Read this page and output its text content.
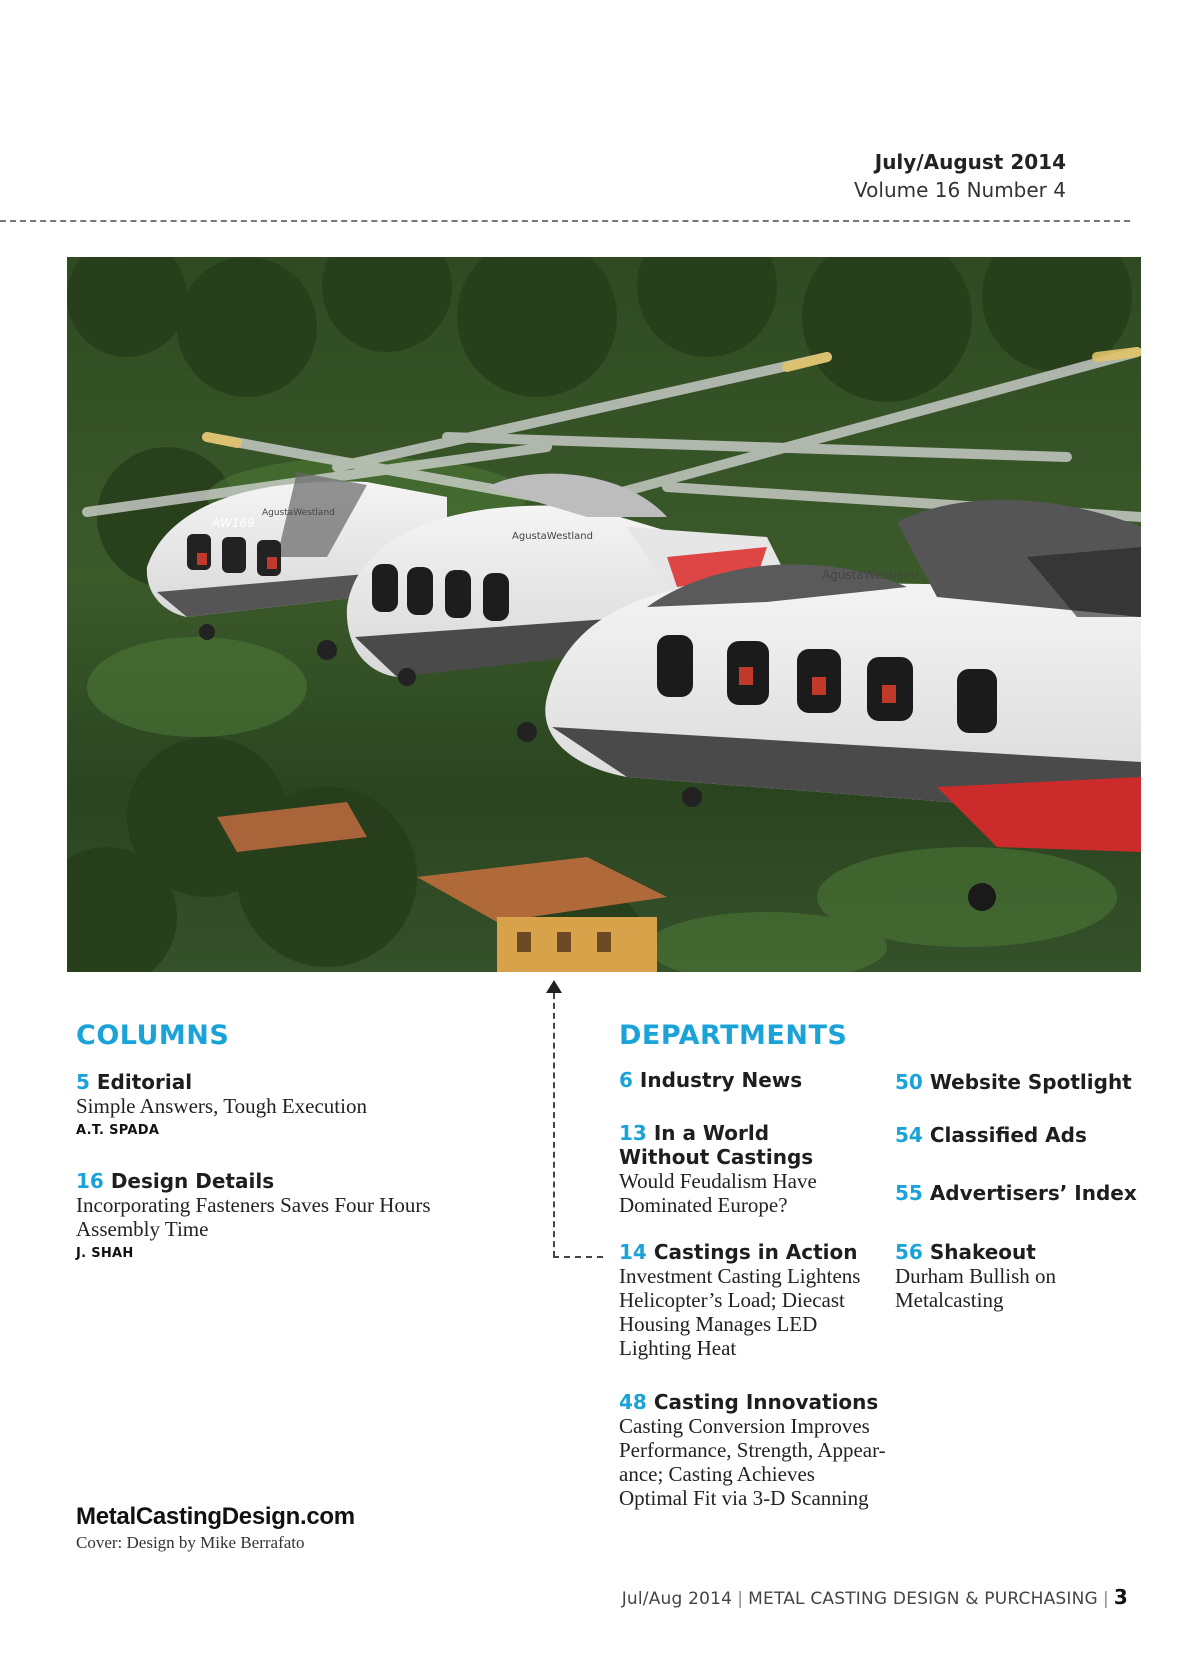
July/August 2014
Volume 16 Number 4
AW169
AgustaWestland
AgustaWestland
AgustaWestland
COLUMNS
5 Editorial
Simple Answers, Tough Execution
A.T. SPADA
16 Design Details
Incorporating Fasteners Saves Four Hours Assembly Time
J. SHAH
DEPARTMENTS
6 Industry News
13 In a World Without Castings
Would Feudalism Have Dominated Europe?
14 Castings in Action
Investment Casting Lightens Helicopter’s Load; Diecast Housing Manages LED Lighting Heat
48 Casting Innovations
Casting Conversion Improves Performance, Strength, Appear-ance; Casting Achieves Optimal Fit via 3-D Scanning
50 Website Spotlight
54 Classified Ads
55 Advertisers’ Index
56 Shakeout
Durham Bullish on Metalcasting
MetalCastingDesign.com
Cover: Design by Mike Berrafato
Jul/Aug 2014 | METAL CASTING DESIGN & PURCHASING | 3
